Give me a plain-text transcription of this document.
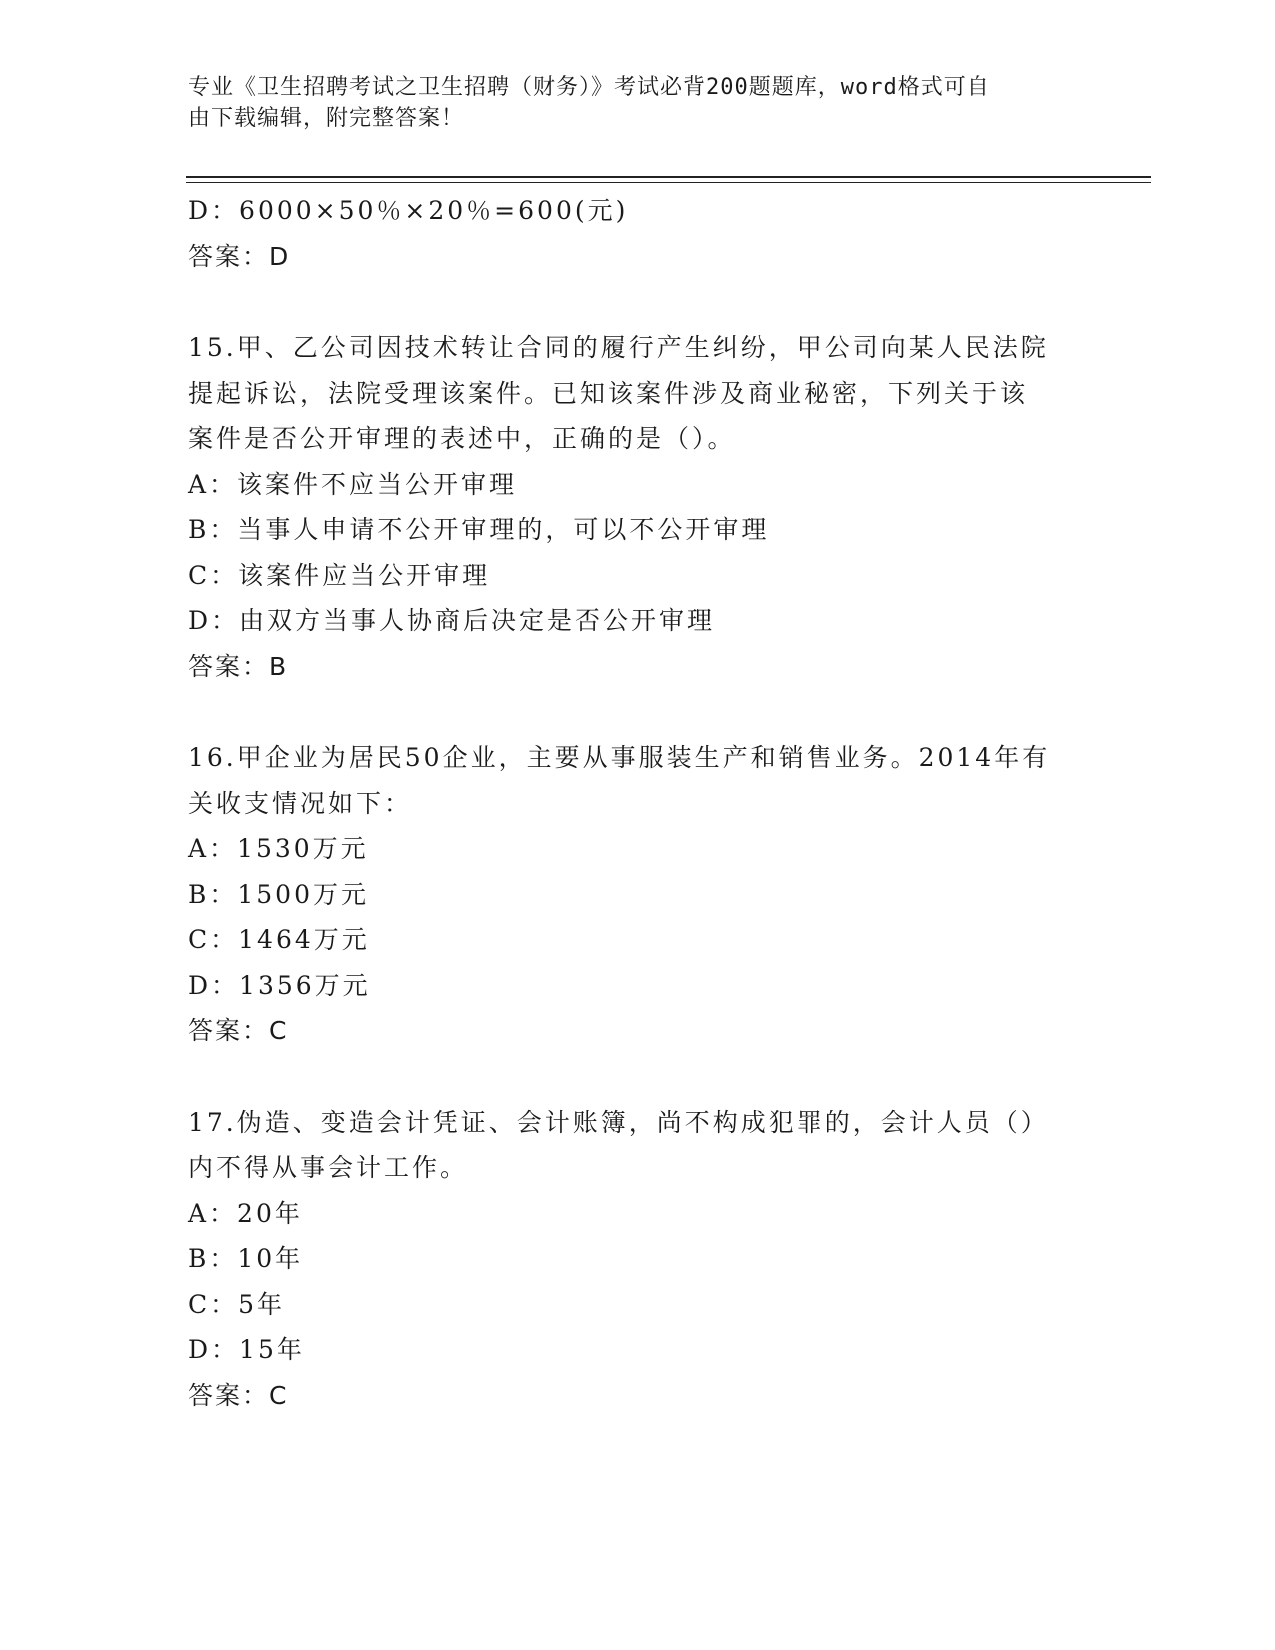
专业《卫生招聘考试之卫生招聘（财务）》考试必背200题题库，word格式可自
由下载编辑，附完整答案！
D：6000×50％×20％=600(元)
答案：D
15.甲、乙公司因技术转让合同的履行产生纠纷，甲公司向某人民法院
提起诉讼，法院受理该案件。已知该案件涉及商业秘密，下列关于该
案件是否公开审理的表述中，正确的是（）。
A：该案件不应当公开审理
B：当事人申请不公开审理的，可以不公开审理
C：该案件应当公开审理
D：由双方当事人协商后决定是否公开审理
答案：B
16.甲企业为居民50企业，主要从事服装生产和销售业务。2014年有
关收支情况如下：
A：1530万元
B：1500万元
C：1464万元
D：1356万元
答案：C
17.伪造、变造会计凭证、会计账簿，尚不构成犯罪的，会计人员（）
内不得从事会计工作。
A：20年
B：10年
C：5年
D：15年
答案：C
